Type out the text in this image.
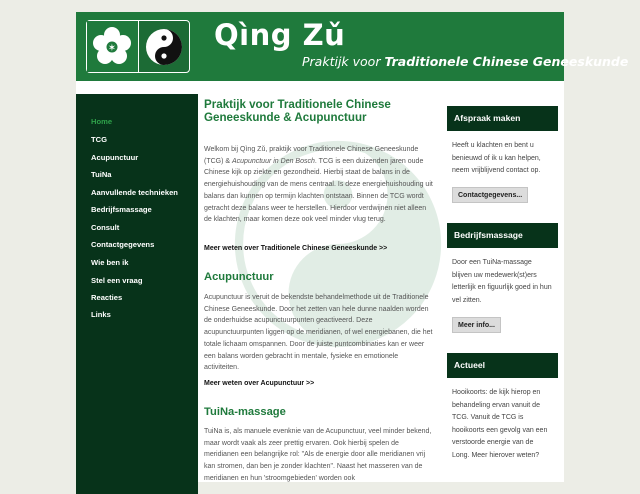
✶	Qìng Zǔ
Praktijk voor Traditionele Chinese Geneeskunde
Home
TCG
Acupunctuur
TuiNa
Aanvullende technieken
Bedrijfsmassage
Consult
Contactgegevens
Wie ben ik
Stel een vraag
Reacties
Links
Praktijk voor Traditionele Chinese Geneeskunde & Acupunctuur

Welkom bij Qìng Zǔ, praktijk voor Traditionele Chinese Geneeskunde (TCG) & Acupunctuur in Den Bosch. TCG is een duizenden jaren oude Chinese kijk op ziekte en gezondheid. Hierbij staat de balans in de energiehuishouding van de mens centraal. Is deze energiehuishouding uit balans dan kunnen op termijn klachten ontstaan. Binnen de TCG wordt getracht deze balans weer te herstellen. Hierdoor verdwijnen niet alleen de klachten, maar komen deze ook veel minder vlug terug.

Meer weten over Traditionele Chinese Geneeskunde >>
Acupunctuur

Acupunctuur is veruit de bekendste behandelmethode uit de Traditionele Chinese Geneeskunde. Door het zetten van hele dunne naalden worden de onderhuidse acupunctuurpunten geactiveerd. Deze acupunctuurpunten liggen op de meridianen, of wel energiebanen, die het totale lichaam omspannen. Door de juiste puntcombinaties kan er weer een balans worden gebracht in mentale, fysieke en emotionele activiteiten.

Meer weten over Acupunctuur >>
TuiNa-massage

TuiNa is, als manuele evenknie van de Acupunctuur, veel minder bekend, maar wordt vaak als zeer prettig ervaren. Ook hierbij spelen de meridianen een belangrijke rol: "Als de energie door alle meridianen vrij kan stromen, dan ben je zonder klachten". Naast het masseren van de meridianen en hun 'stroomgebieden' worden ook

Afspraak maken

Heeft u klachten en bent u benieuwd of ik u kan helpen, neem vrijblijvend contact op.

Contactgegevens...
Bedrijfsmassage

Door een TuiNa-massage blijven uw medewerk(st)ers letterlijk en figuurlijk goed in hun vel zitten.

Meer info...
Actueel

Hooikoorts: de kijk hierop en behandeling ervan vanuit de TCG. Vanuit de TCG is hooikoorts een gevolg van een verstoorde energie van de Long. Meer hierover weten?
